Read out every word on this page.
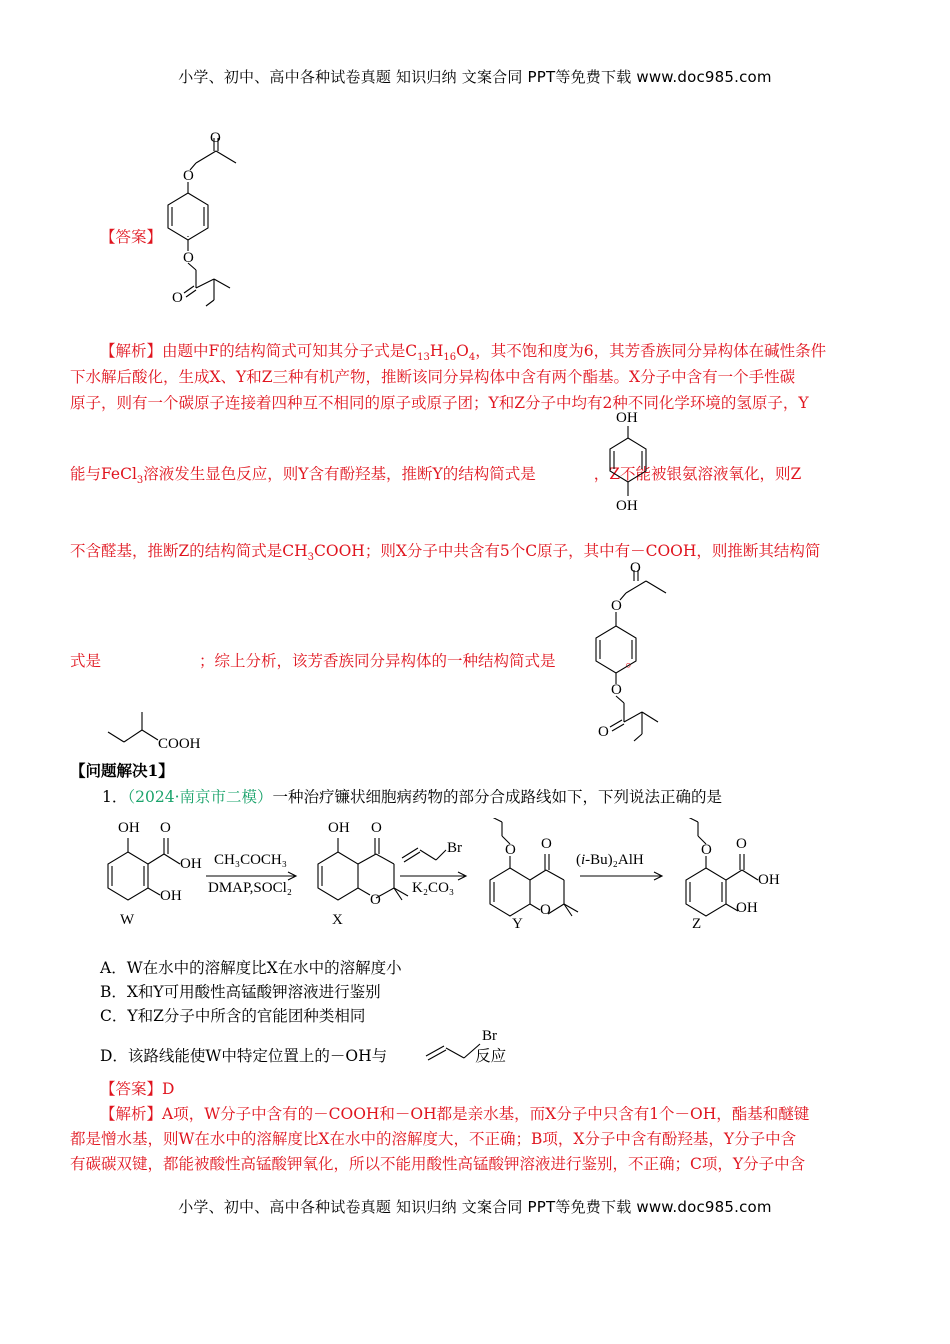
小学、初中、高中各种试卷真题 知识归纳 文案合同 PPT等免费下载 www.doc985.com
小学、初中、高中各种试卷真题 知识归纳 文案合同 PPT等免费下载 www.doc985.com
【答案】
O
O
O
O
【解析】由题中F的结构简式可知其分子式是$C_{13}H_{16}O_4$，其不饱和度为6，其芳香族同分异构体在碱性条件
下水解后酸化，生成X、Y和Z三种有机产物，推断该同分异构体中含有两个酯基。X分子中含有一个手性碳
原子，则有一个碳原子连接着四种互不相同的原子或原子团；Y和Z分子中均有2种不同化学环境的氢原子，Y
能与FeCl$_3$溶液发生显色反应，则Y含有酚羟基，推断Y的结构简式是	，Z不能被银氨溶液氧化，则Z
OH
OH
不含醛基，推断Z的结构简式是$CH_3COOH$；则X分子中共含有5个C原子，其中有－COOH，则推断其结构简
式是	；综上分析，该芳香族同分异构体的一种结构简式是	。
COOH
O
O
O
O
【问题解决1】
1．（2024·南京市二模）一种治疗镰状细胞病药物的部分合成路线如下，下列说法正确的是
OH O
OH
OH
W
CH₃COCH₃
DMAP,SOCl₂
OH O
O
X
Br
K₂CO₃
O O
O
Y
(i-Bu)₂AlH
O O
OH
OH
Z
A．W在水中的溶解度比X在水中的溶解度小
B．X和Y可用酸性高锰酸钾溶液进行鉴别
C．Y和Z分子中所含的官能团种类相同
D．该路线能使W中特定位置上的－OH与	反应
Br
【答案】D
【解析】A项，W分子中含有的－COOH和－OH都是亲水基，而X分子中只含有1个－OH，酯基和醚键
都是憎水基，则W在水中的溶解度比X在水中的溶解度大，不正确；B项，X分子中含有酚羟基，Y分子中含
有碳碳双键，都能被酸性高锰酸钾氧化，所以不能用酸性高锰酸钾溶液进行鉴别，不正确；C项，Y分子中含
